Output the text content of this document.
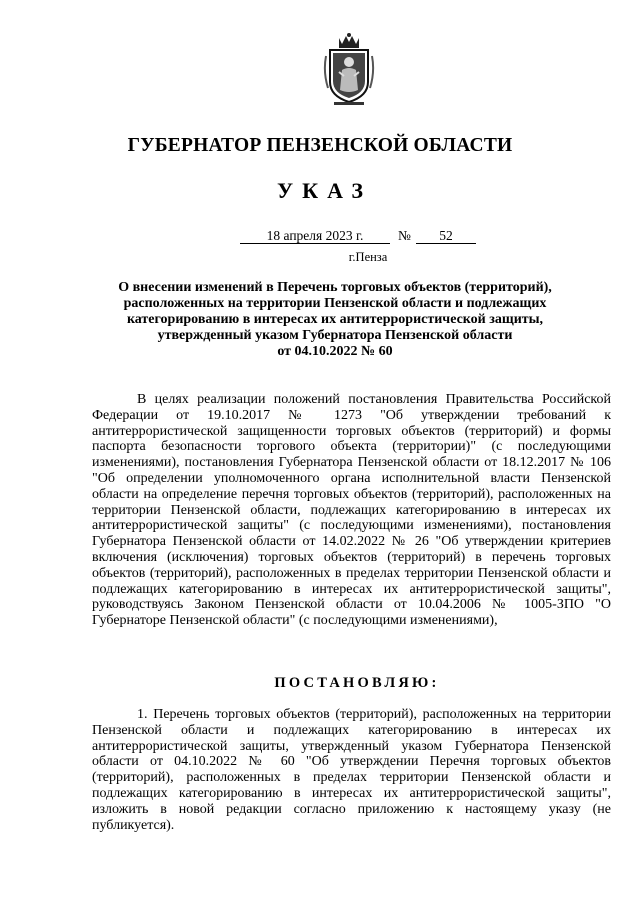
ГУБЕРНАТОР ПЕНЗЕНСКОЙ ОБЛАСТИ
УКАЗ
18 апреля 2023 г.	№	52
г.Пенза
О внесении изменений в Перечень торговых объектов (территорий),
расположенных на территории Пензенской области и подлежащих
категорированию в интересах их антитеррористической защиты,
утвержденный указом Губернатора Пензенской области
от 04.10.2022 № 60

В целях реализации положений постановления Правительства Российской Федерации от 19.10.2017 № 1273 "Об утверждении требований к антитеррористической защищенности торговых объектов (территорий) и формы паспорта безопасности торгового объекта (территории)" (с последующими изменениями), постановления Губернатора Пензенской области от 18.12.2017 № 106 "Об определении уполномоченного органа исполнительной власти Пензенской области на определение перечня торговых объектов (территорий), расположенных на территории Пензенской области, подлежащих категорированию в интересах их антитеррористической защиты" (с последующими изменениями), постановления Губернатора Пензенской области от 14.02.2022 № 26 "Об утверждении критериев включения (исключения) торговых объектов (территорий) в перечень торговых объектов (территорий), расположенных в пределах территории Пензенской области и подлежащих категорированию в интересах их антитеррористической защиты", руководствуясь Законом Пензенской области от 10.04.2006 № 1005-ЗПО "О Губернаторе Пензенской области" (с последующими изменениями),

ПОСТАНОВЛЯЮ:

1. Перечень торговых объектов (территорий), расположенных на территории Пензенской области и подлежащих категорированию в интересах их антитеррористической защиты, утвержденный указом Губернатора Пензенской области от 04.10.2022 № 60 "Об утверждении Перечня торговых объектов (территорий), расположенных в пределах территории Пензенской области и подлежащих категорированию в интересах их антитеррористической защиты", изложить в новой редакции согласно приложению к настоящему указу (не публикуется).
